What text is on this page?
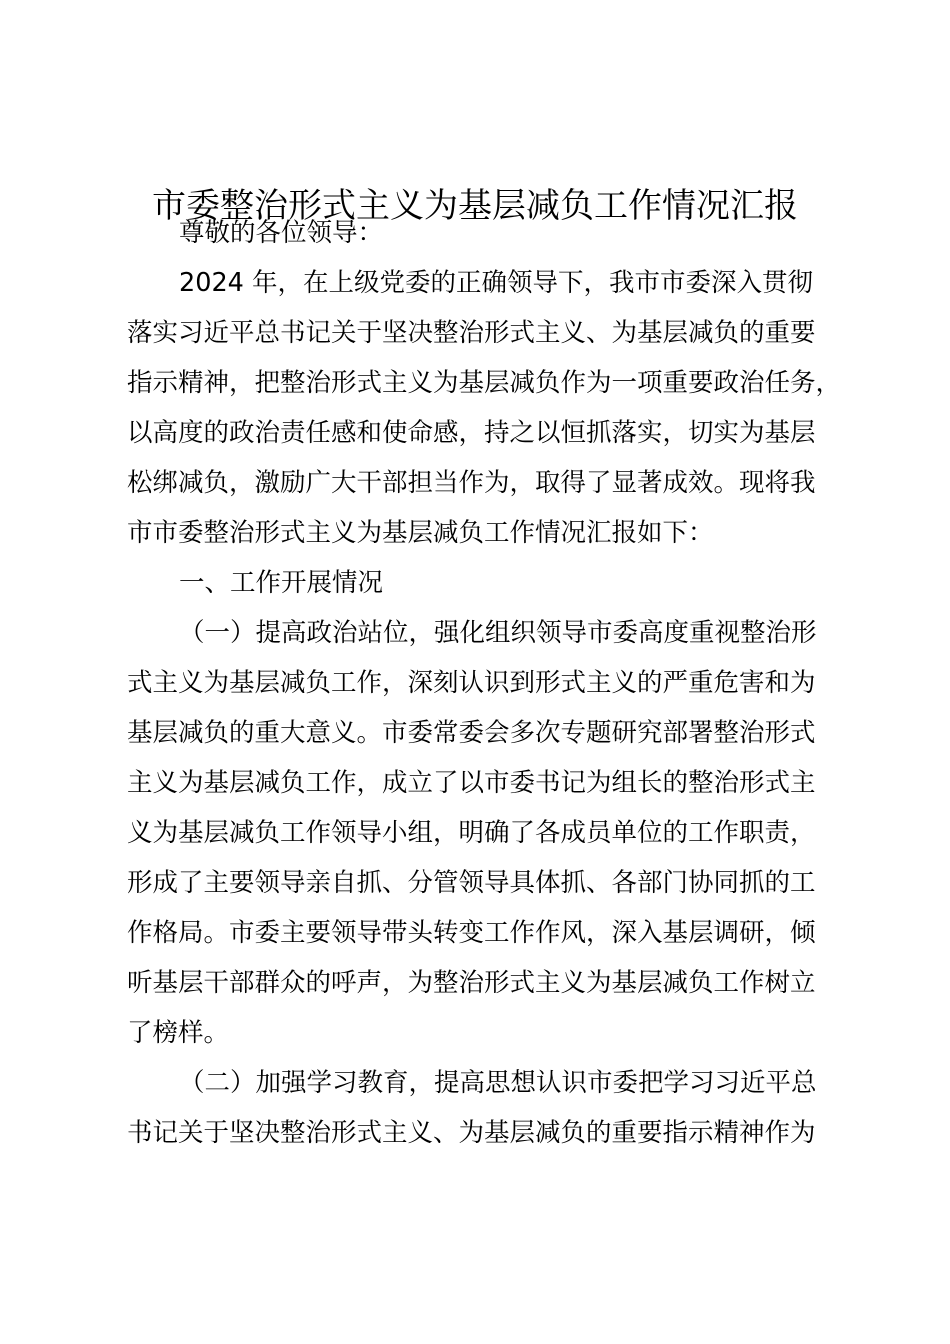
市委整治形式主义为基层减负工作情况汇报
尊敬的各位领导：
2024 年，在上级党委的正确领导下，我市市委深入贯彻
落实习近平总书记关于坚决整治形式主义、为基层减负的重要
指示精神，把整治形式主义为基层减负作为一项重要政治任务，
以高度的政治责任感和使命感，持之以恒抓落实，切实为基层
松绑减负，激励广大干部担当作为，取得了显著成效。现将我
市市委整治形式主义为基层减负工作情况汇报如下：
一、工作开展情况
（一）提高政治站位，强化组织领导市委高度重视整治形
式主义为基层减负工作，深刻认识到形式主义的严重危害和为
基层减负的重大意义。市委常委会多次专题研究部署整治形式
主义为基层减负工作，成立了以市委书记为组长的整治形式主
义为基层减负工作领导小组，明确了各成员单位的工作职责，
形成了主要领导亲自抓、分管领导具体抓、各部门协同抓的工
作格局。市委主要领导带头转变工作作风，深入基层调研，倾
听基层干部群众的呼声，为整治形式主义为基层减负工作树立
了榜样。
（二）加强学习教育，提高思想认识市委把学习习近平总
书记关于坚决整治形式主义、为基层减负的重要指示精神作为
